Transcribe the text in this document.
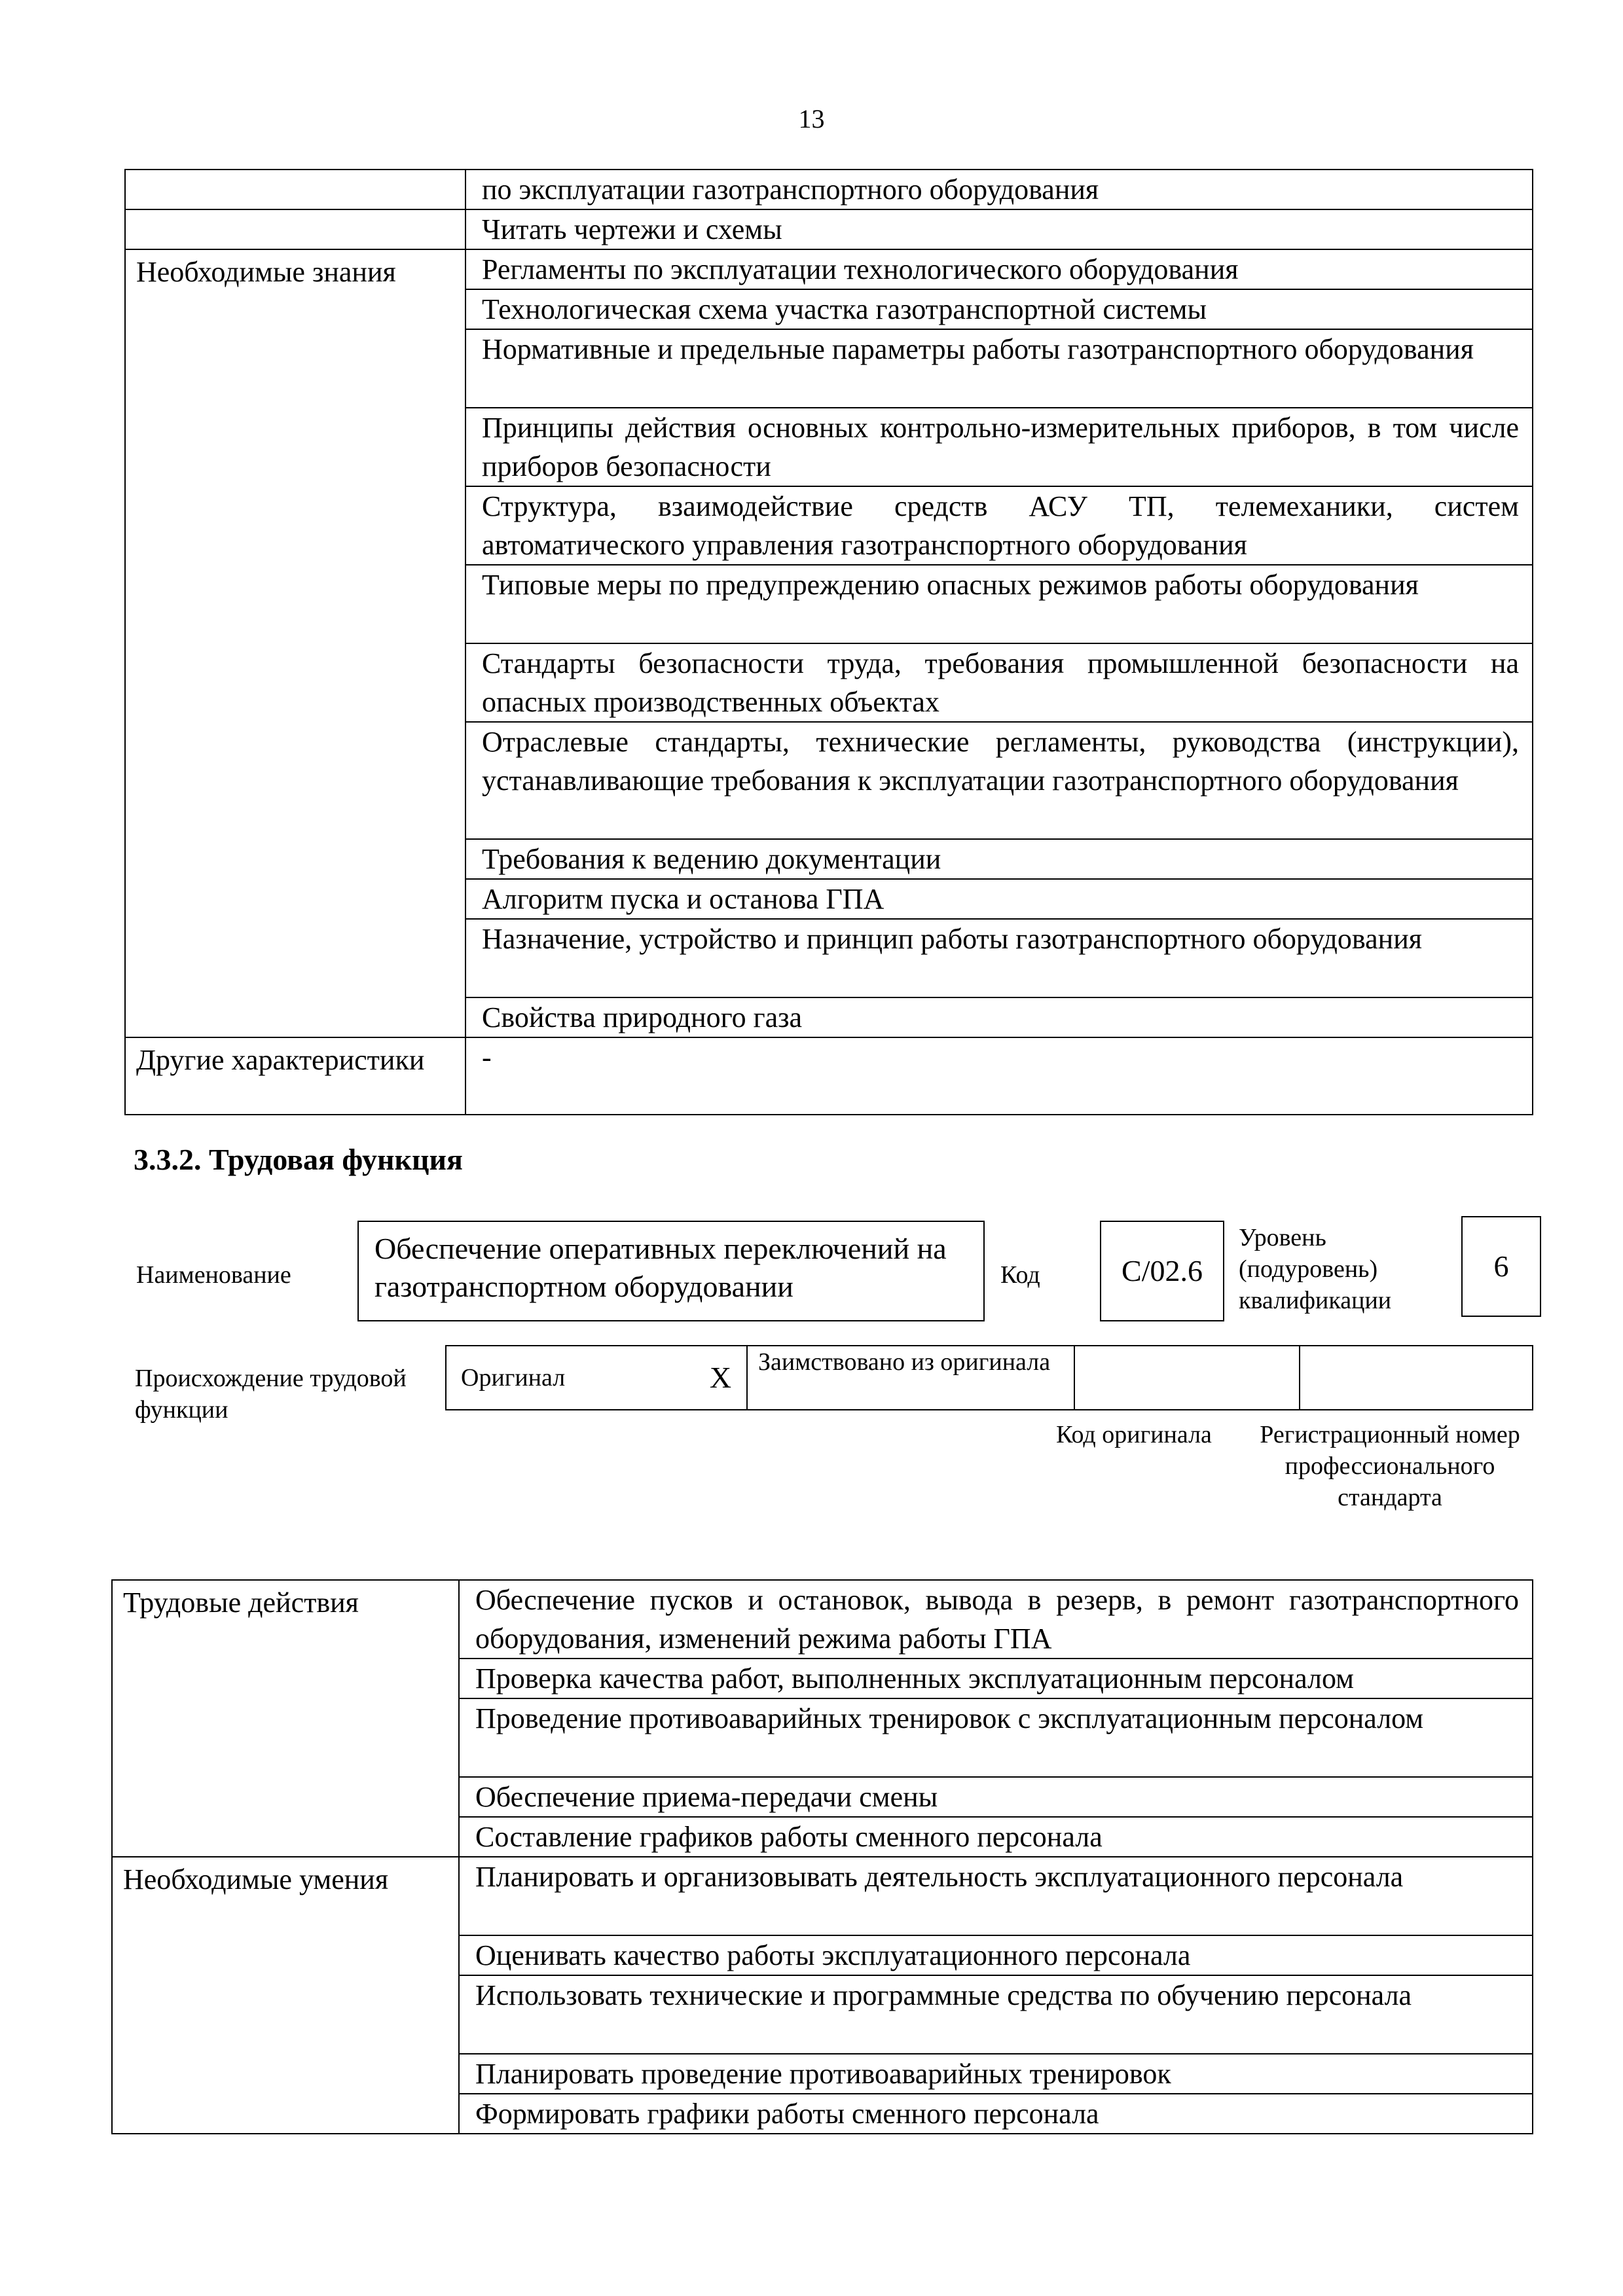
13
	по эксплуатации газотранспортного оборудования
	Читать чертежи и схемы
Необходимые знания	Регламенты по эксплуатации технологического оборудования
	Технологическая схема участка газотранспортной системы
	Нормативные и предельные параметры работы газотранспортного оборудования
	Принципы действия основных контрольно-измерительных приборов, в том числе приборов безопасности
	Структура, взаимодействие средств АСУ ТП, телемеханики, систем автоматического управления газотранспортного оборудования
	Типовые меры по предупреждению опасных режимов работы оборудования
	Стандарты безопасности труда, требования промышленной безопасности на опасных производственных объектах
	Отраслевые стандарты, технические регламенты, руководства (инструкции), устанавливающие требования к эксплуатации газотранспортного оборудования
	Требования к ведению документации
	Алгоритм пуска и останова ГПА
	Назначение, устройство и принцип работы газотранспортного оборудования
	Свойства природного газа
Другие характеристики	-
3.3.2. Трудовая функция
Наименование
Обеспечение оперативных переключений на газотранспортном оборудовании	Код	С/02.6
Уровень (подуровень) квалификации
6
Происхождение трудовой функции
Оригинал	X	Заимствовано из оригинала		
Код оригинала	Регистрационный номер профессионального стандарта
Трудовые действия	Обеспечение пусков и остановок, вывода в резерв, в ремонт газотранспортного оборудования, изменений режима работы ГПА
	Проверка качества работ, выполненных эксплуатационным персоналом
	Проведение противоаварийных тренировок с эксплуатационным персоналом
	Обеспечение приема-передачи смены
	Составление графиков работы сменного персонала
Необходимые умения	Планировать и организовывать деятельность эксплуатационного персонала
	Оценивать качество работы эксплуатационного персонала
	Использовать технические и программные средства по обучению персонала
	Планировать проведение противоаварийных тренировок
	Формировать графики работы сменного персонала
